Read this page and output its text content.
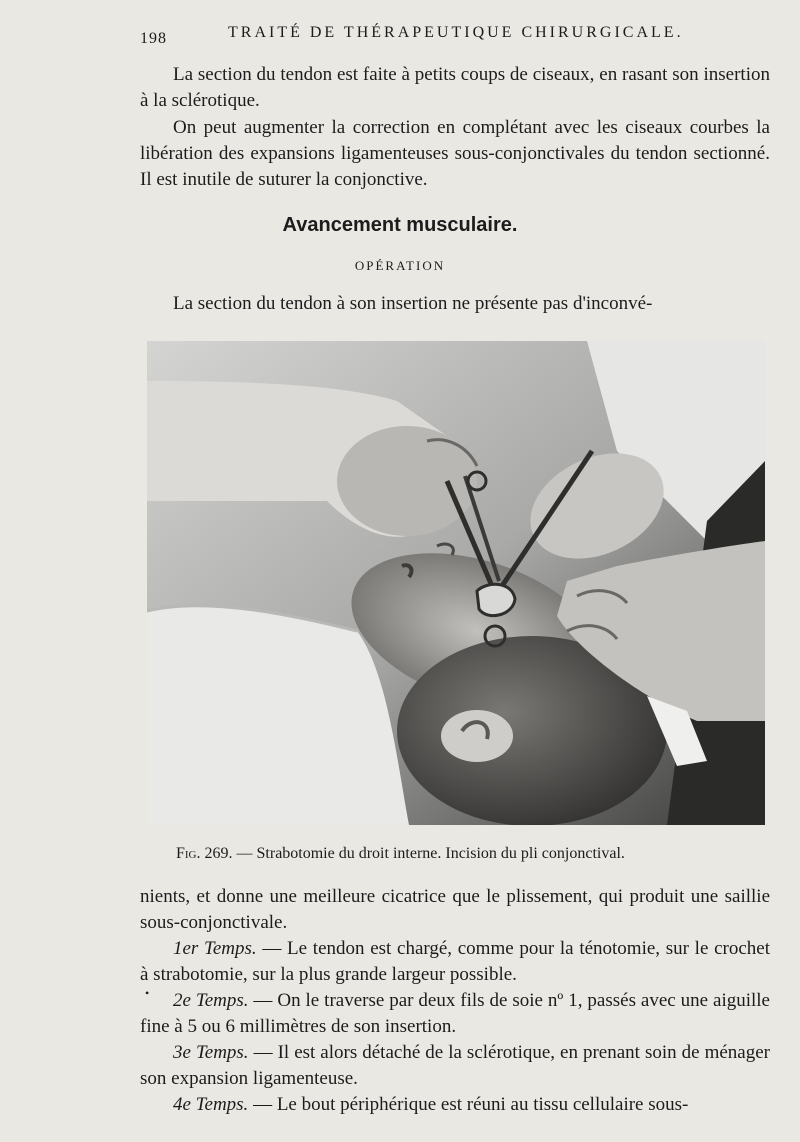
198	TRAITÉ DE THÉRAPEUTIQUE CHIRURGICALE.

La section du tendon est faite à petits coups de ciseaux, en rasant son insertion à la sclérotique.

On peut augmenter la correction en complétant avec les ciseaux courbes la libération des expansions ligamenteuses sous-conjonctivales du tendon sectionné. Il est inutile de suturer la conjonctive.

Avancement musculaire.
OPÉRATION

La section du tendon à son insertion ne présente pas d'inconvé-

Fig. 269. — Strabotomie du droit interne. Incision du pli conjonctival.

nients, et donne une meilleure cicatrice que le plissement, qui produit une saillie sous-conjonctivale.

1er Temps. — Le tendon est chargé, comme pour la ténotomie, sur le crochet à strabotomie, sur la plus grande largeur possible.

•	2e Temps. — On le traverse par deux fils de soie nº 1, passés avec une aiguille fine à 5 ou 6 millimètres de son insertion.

3e Temps. — Il est alors détaché de la sclérotique, en prenant soin de ménager son expansion ligamenteuse.

4e Temps. — Le bout périphérique est réuni au tissu cellulaire sous-
